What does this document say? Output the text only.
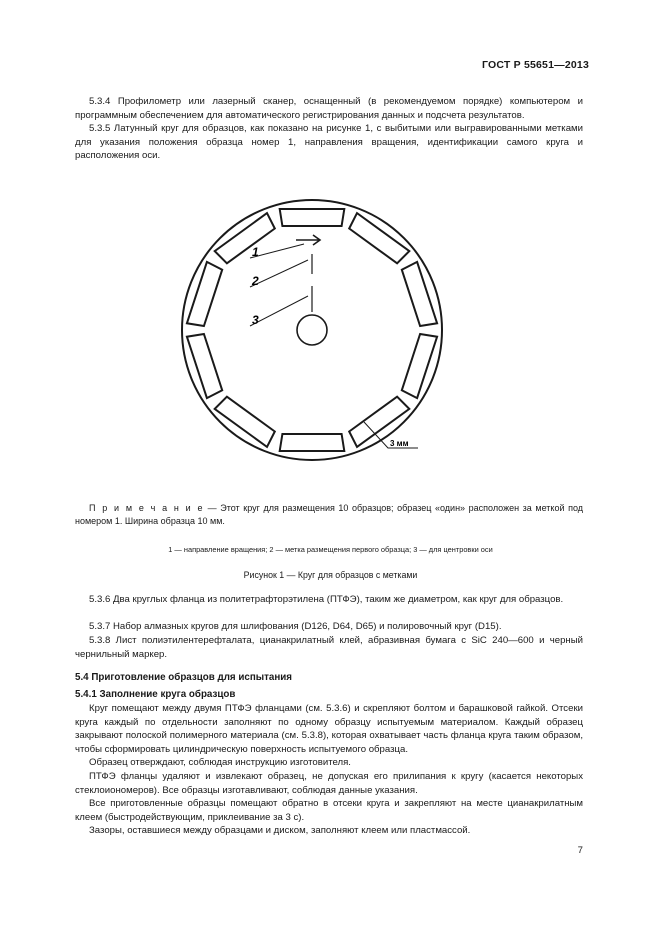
ГОСТ Р 55651—2013

5.3.4 Профилометр или лазерный сканер, оснащенный (в рекомендуемом порядке) компьютером и программным обеспечением для автоматического регистрирования данных и подсчета результатов.

5.3.5 Латунный круг для образцов, как показано на рисунке 1, с выбитыми или выгравированными метками для указания положения образца номер 1, направления вращения, идентификации самого круга и расположения оси.

1
2
3
3 мм
П р и м е ч а н и е — Этот круг для размещения 10 образцов; образец «один» расположен за меткой под номером 1. Ширина образца 10 мм.
1 — направление вращения; 2 — метка размещения первого образца; 3 — для центровки оси
Рисунок 1 — Круг для образцов с метками

5.3.6 Два круглых фланца из политетрафторэтилена (ПТФЭ), таким же диаметром, как круг для образцов.

5.3.7 Набор алмазных кругов для шлифования (D126, D64, D65) и полировочный круг (D15).

5.3.8 Лист полиэтилентерефталата, цианакрилатный клей, абразивная бумага с SiC 240—600 и черный чернильный маркер.

5.4 Приготовление образцов для испытания
5.4.1 Заполнение круга образцов

Круг помещают между двумя ПТФЭ фланцами (см. 5.3.6) и скрепляют болтом и барашковой гайкой. Отсеки круга каждый по отдельности заполняют по одному образцу испытуемым материалом. Каждый образец закрывают полоской полимерного материала (см. 5.3.8), которая охватывает часть фланца круга таким образом, чтобы сформировать цилиндрическую поверхность испытуемого образца.

Образец отверждают, соблюдая инструкцию изготовителя.

ПТФЭ фланцы удаляют и извлекают образец, не допуская его прилипания к кругу (касается некоторых стеклоиономеров). Все образцы изготавливают, соблюдая данные указания.

Все приготовленные образцы помещают обратно в отсеки круга и закрепляют на месте цианакрилатным клеем (быстродействующим, приклеивание за 3 с).

Зазоры, оставшиеся между образцами и диском, заполняют клеем или пластмассой.

7
